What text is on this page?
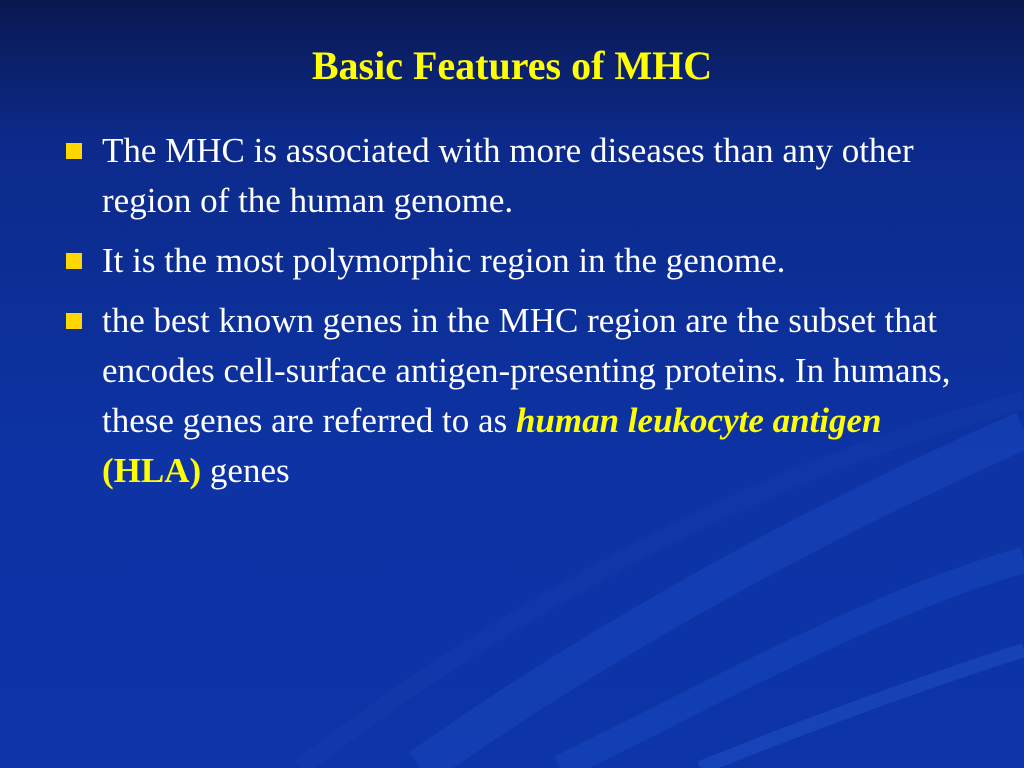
Basic Features of MHC
The MHC is associated with more diseases than any other region of the human genome.
It is the most polymorphic region in the genome.
the best known genes in the MHC region are the subset that encodes cell-surface antigen-presenting proteins. In humans, these genes are referred to as human leukocyte antigen
(HLA) genes
